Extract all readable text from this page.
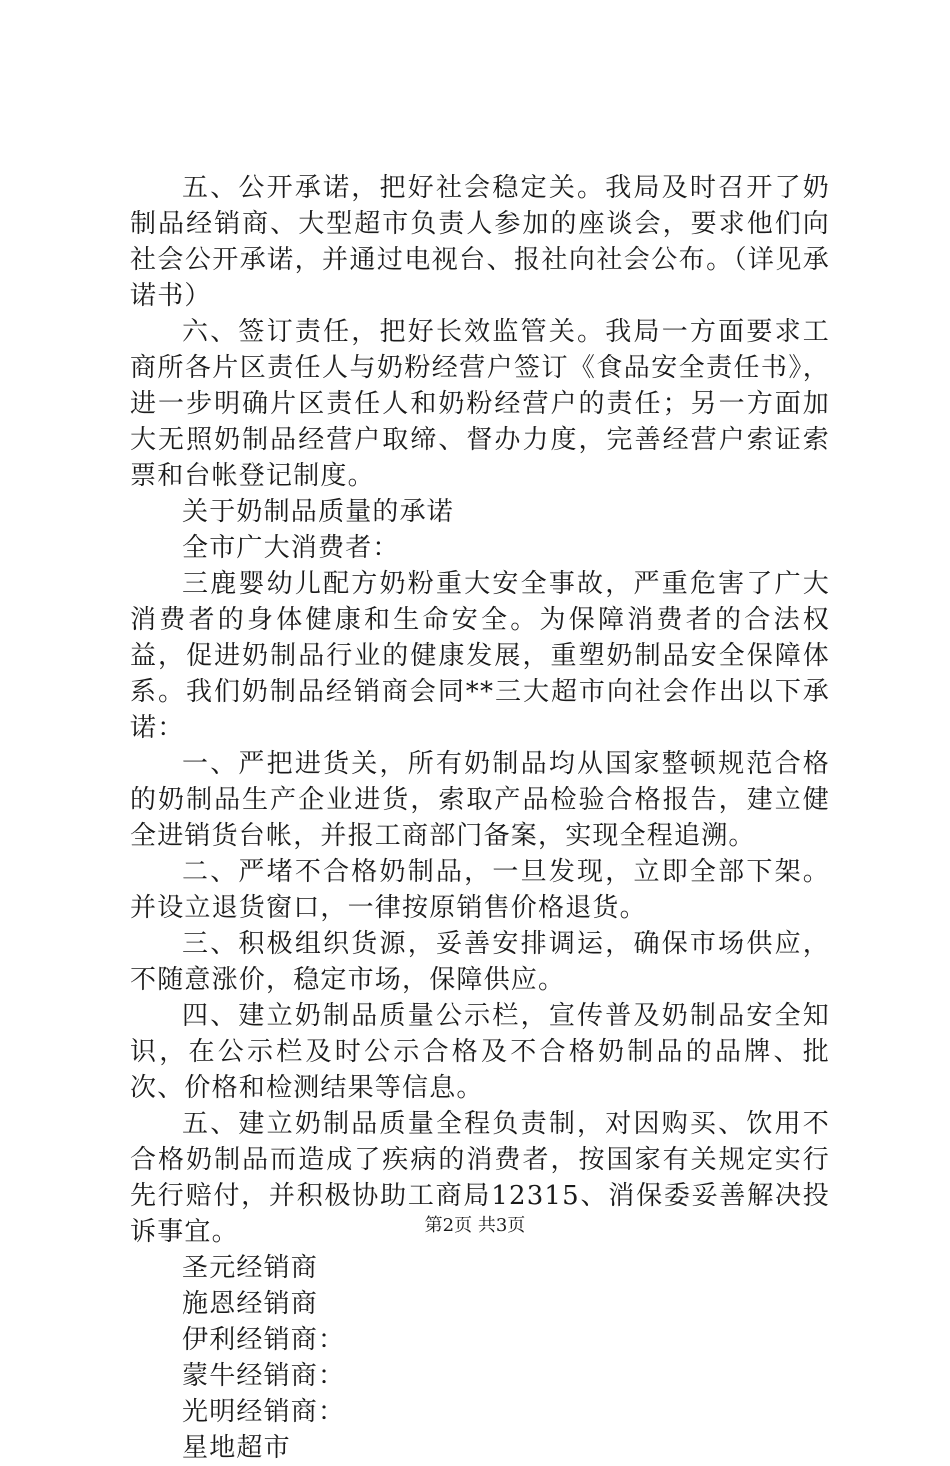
五、公开承诺，把好社会稳定关。我局及时召开了奶制品经销商、大型超市负责人参加的座谈会，要求他们向社会公开承诺，并通过电视台、报社向社会公布。（详见承诺书）

六、签订责任，把好长效监管关。我局一方面要求工商所各片区责任人与奶粉经营户签订《食品安全责任书》，进一步明确片区责任人和奶粉经营户的责任；另一方面加大无照奶制品经营户取缔、督办力度，完善经营户索证索票和台帐登记制度。

关于奶制品质量的承诺

全市广大消费者：

三鹿婴幼儿配方奶粉重大安全事故，严重危害了广大消费者的身体健康和生命安全。为保障消费者的合法权益，促进奶制品行业的健康发展，重塑奶制品安全保障体系。我们奶制品经销商会同**三大超市向社会作出以下承诺：

一、严把进货关，所有奶制品均从国家整顿规范合格的奶制品生产企业进货，索取产品检验合格报告，建立健全进销货台帐，并报工商部门备案，实现全程追溯。

二、严堵不合格奶制品，一旦发现，立即全部下架。并设立退货窗口，一律按原销售价格退货。

三、积极组织货源，妥善安排调运，确保市场供应，不随意涨价，稳定市场，保障供应。

四、建立奶制品质量公示栏，宣传普及奶制品安全知识，在公示栏及时公示合格及不合格奶制品的品牌、批次、价格和检测结果等信息。

五、建立奶制品质量全程负责制，对因购买、饮用不合格奶制品而造成了疾病的消费者，按国家有关规定实行先行赔付，并积极协助工商局12315、消保委妥善解决投诉事宜。

圣元经销商

施恩经销商

伊利经销商：

蒙牛经销商：

光明经销商：

星地超市

第2页 共3页
